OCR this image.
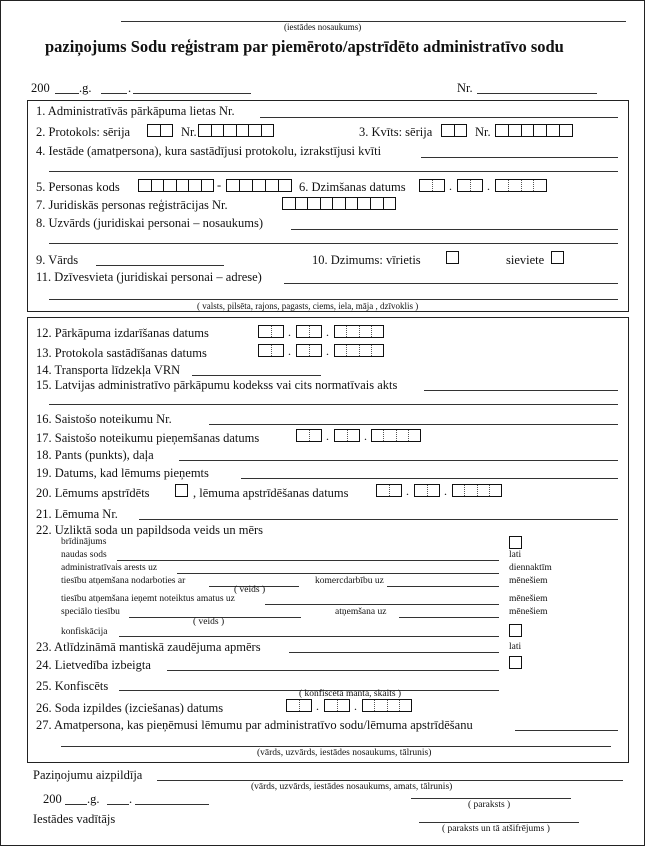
(iestādes nosaukums)
paziņojums Sodu reģistram par piemēroto/apstrīdēto administratīvo sodu
200 .g.	.	Nr.
1. Administratīvās pārkāpuma lietas Nr.
2. Protokols: sērija	Nr.	3. Kvīts: sērija	Nr.
4. Iestāde (amatpersona), kura sastādījusi protokolu, izrakstījusi kvīti
5. Personas kods	-	6. Dzimšanas datums	.	.
7. Juridiskās personas reģistrācijas Nr.
8. Uzvārds (juridiskai personai – nosaukums)
9. Vārds	10. Dzimums: vīrietis	sieviete
11. Dzīvesvieta (juridiskai personai – adrese)
( valsts, pilsēta, rajons, pagasts, ciems, iela, māja , dzīvoklis )
12. Pārkāpuma izdarīšanas datums	.	.
13. Protokola sastādīšanas datums	.	.
14. Transporta līdzekļa VRN
15. Latvijas administratīvo pārkāpumu kodekss vai cits normatīvais akts
16. Saistošo noteikumu Nr.
17. Saistošo noteikumu pieņemšanas datums	.	.
18. Pants (punkts), daļa
19. Datums, kad lēmums pieņemts
20. Lēmums apstrīdēts	, lēmuma apstrīdēšanas datums	.	.
21. Lēmuma Nr.
22. Uzliktā soda un papildsoda veids un mērs
brīdinājums
naudas sods	lati
administratīvais arests uz	diennaktīm
tiesību atņemšana nodarboties ar
( veids )
komercdarbību uz	mēnešiem
tiesību atņemšana ieņemt noteiktus amatus uz	mēnešiem
speciālo tiesību
( veids )
atņemšana uz	mēnešiem
konfiskācija
23. Atlīdzināmā mantiskā zaudējuma apmērs	lati
24. Lietvedība izbeigta
25. Konfiscēts
( konfiscētā manta, skaits )
26. Soda izpildes (izciešanas) datums	.	.
27. Amatpersona, kas pieņēmusi lēmumu par administratīvo sodu/lēmuma apstrīdēšanu
(vārds, uzvārds, iestādes nosaukums, tālrunis)
Paziņojumu aizpildīja
(vārds, uzvārds, iestādes nosaukums, amats, tālrunis)
200 .g. .	( paraksts )
Iestādes vadītājs
( paraksts un tā atšifrējums )
